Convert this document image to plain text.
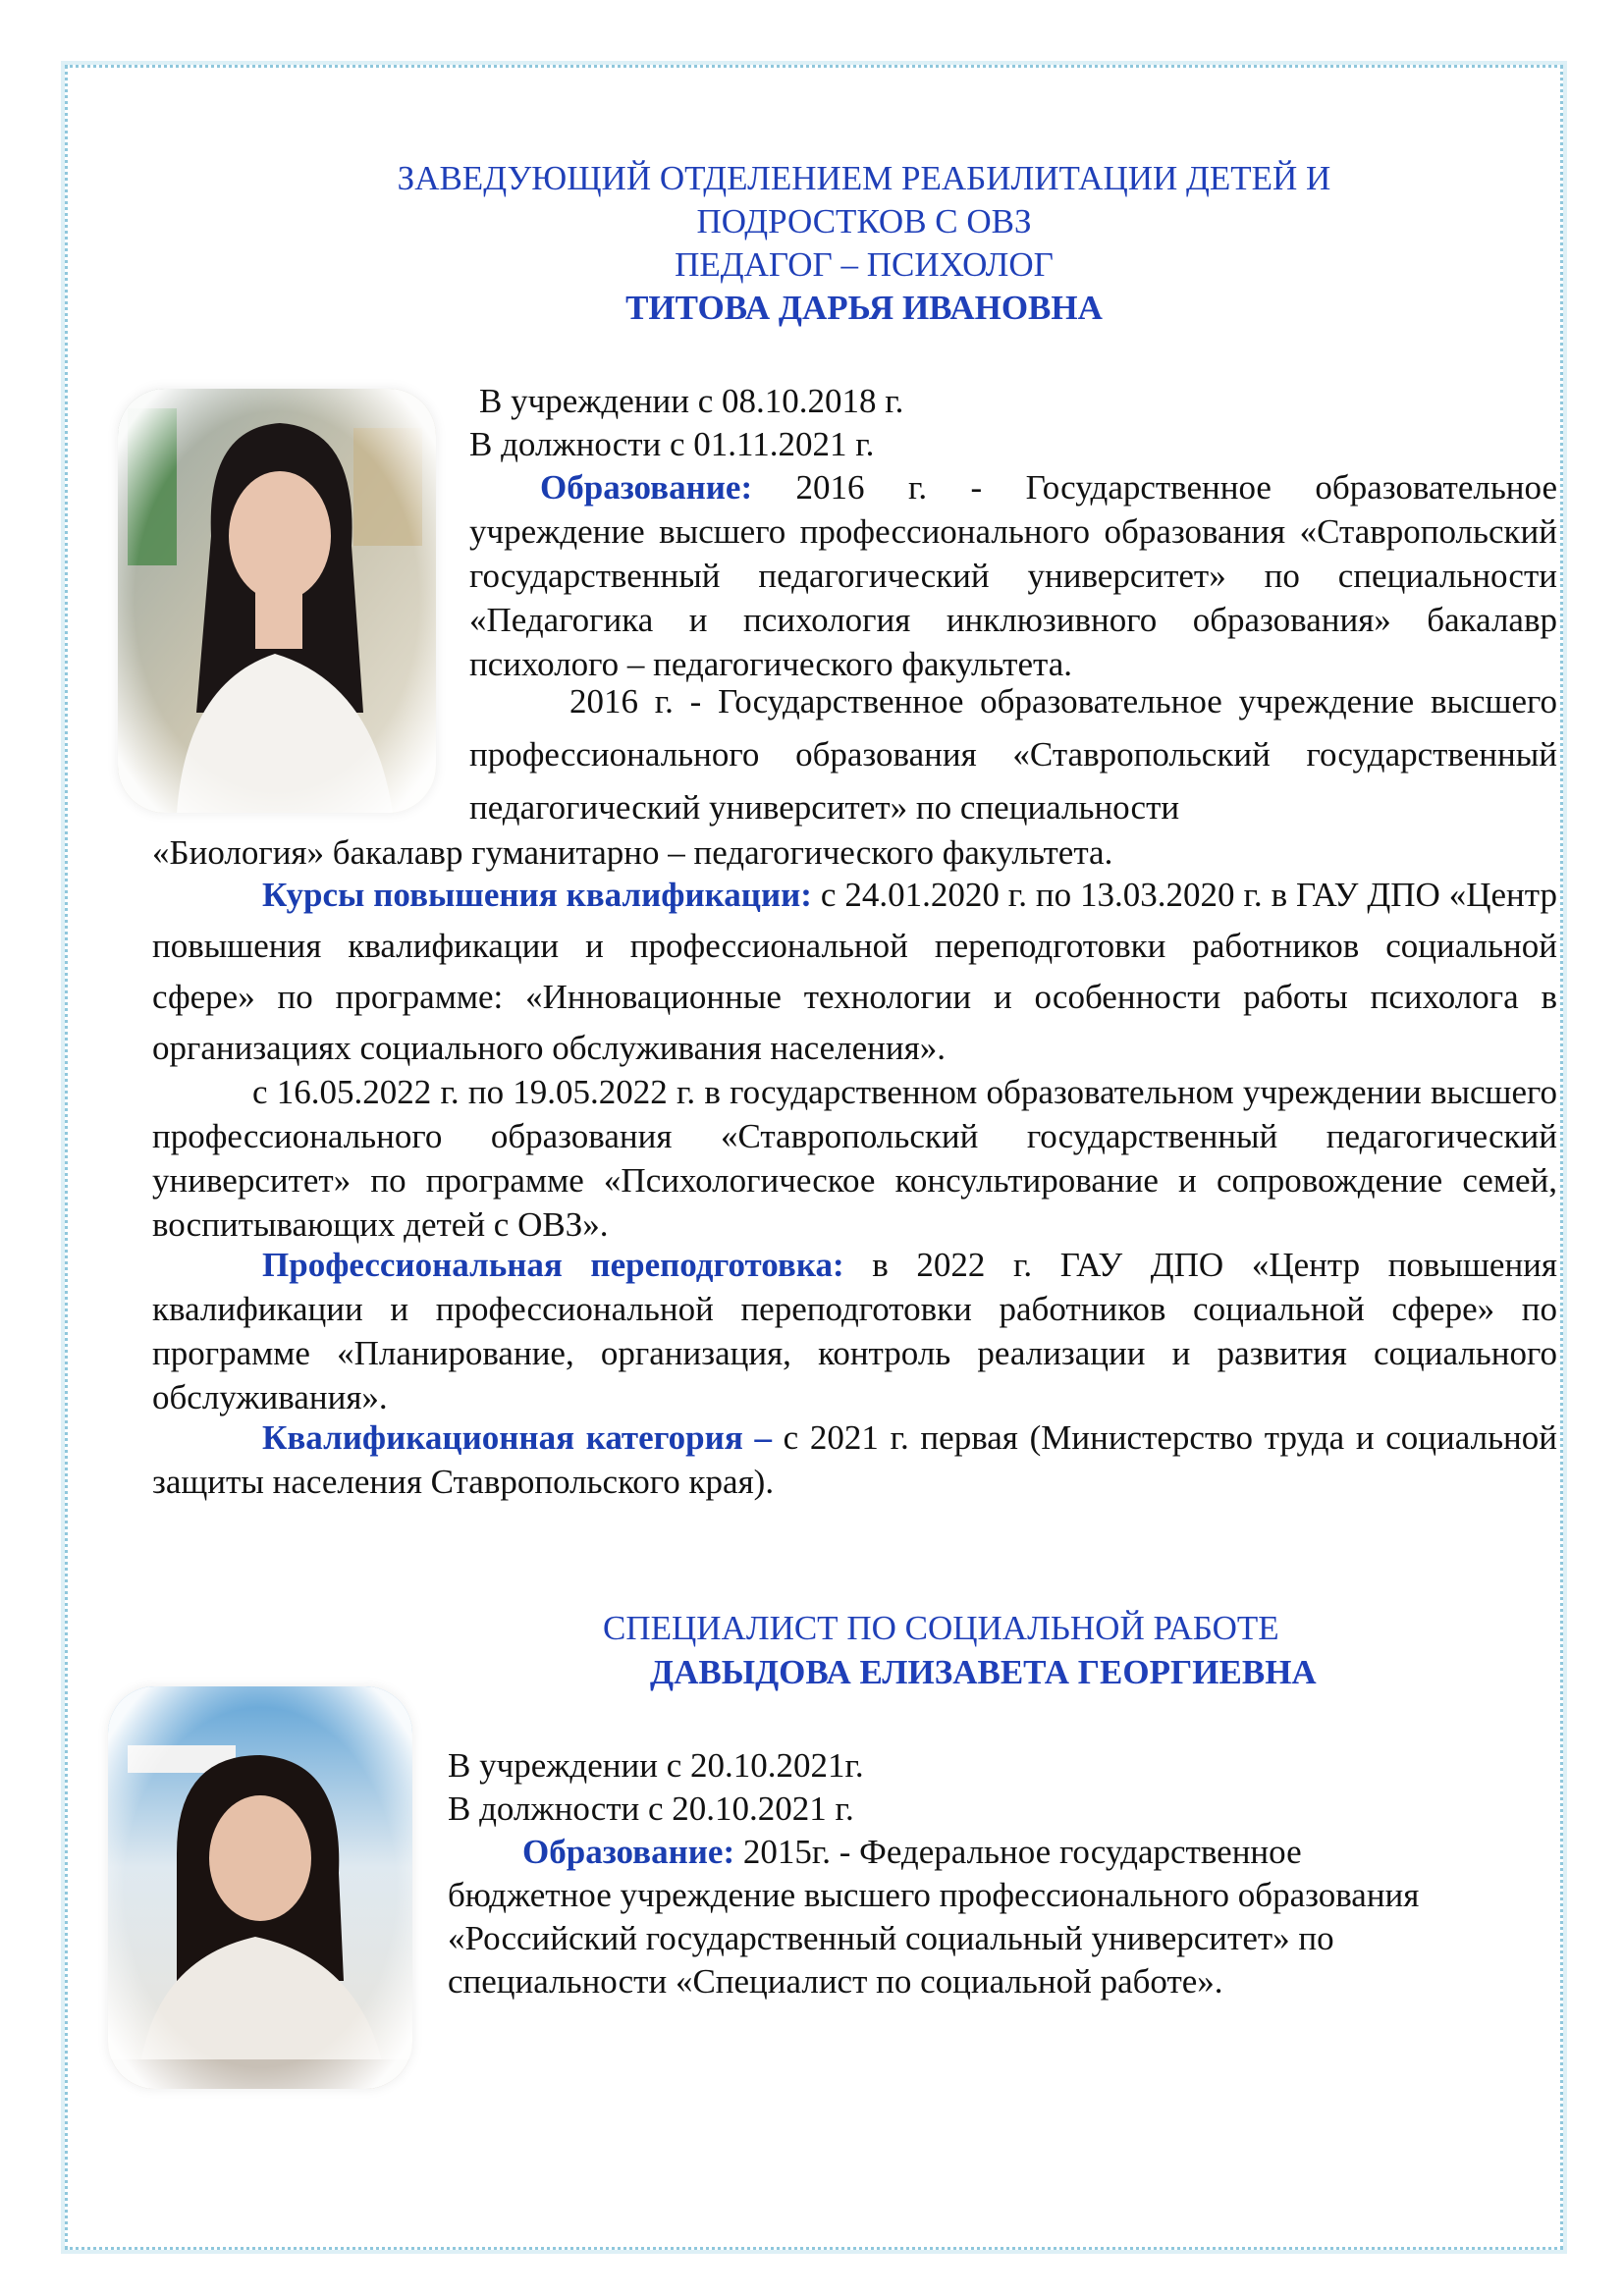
ЗАВЕДУЮЩИЙ ОТДЕЛЕНИЕМ РЕАБИЛИТАЦИИ ДЕТЕЙ И
ПОДРОСТКОВ С ОВЗ
ПЕДАГОГ – ПСИХОЛОГ
ТИТОВА ДАРЬЯ ИВАНОВНА
В учреждении с 08.10.2018 г.
В должности с 01.11.2021 г.

Образование: 2016 г. - Государственное образовательное учреждение высшего профессионального образования «Ставропольский государственный педагогический университет» по специальности «Педагогика и психология инклюзивного образования» бакалавр психолого – педагогического факультета.

2016 г. - Государственное образовательное учреждение высшего профессионального образования «Ставропольский государственный педагогический университет» по специальности

«Биология» бакалавр гуманитарно – педагогического факультета.

Курсы повышения квалификации: с 24.01.2020 г. по 13.03.2020 г. в ГАУ ДПО «Центр повышения квалификации и профессиональной переподготовки работников социальной сфере» по программе: «Инновационные технологии и особенности работы психолога в организациях социального обслуживания населения».

с 16.05.2022 г. по 19.05.2022 г. в государственном образовательном учреждении высшего профессионального образования «Ставропольский государственный педагогический университет» по программе «Психологическое консультирование и сопровождение семей, воспитывающих детей с ОВЗ».

Профессиональная переподготовка: в 2022 г. ГАУ ДПО «Центр повышения квалификации и профессиональной переподготовки работников социальной сфере» по программе «Планирование, организация, контроль реализации и развития социального обслуживания».

Квалификационная категория – с 2021 г. первая (Министерство труда и социальной защиты населения Ставропольского края).

СПЕЦИАЛИСТ ПО СОЦИАЛЬНОЙ РАБОТЕ
ДАВЫДОВА ЕЛИЗАВЕТА ГЕОРГИЕВНА
В учреждении с 20.10.2021г.
В должности с 20.10.2021 г.
Образование: 2015г. - Федеральное государственное
бюджетное учреждение высшего профессионального образования
«Российский государственный социальный университет» по
специальности «Специалист по социальной работе».
